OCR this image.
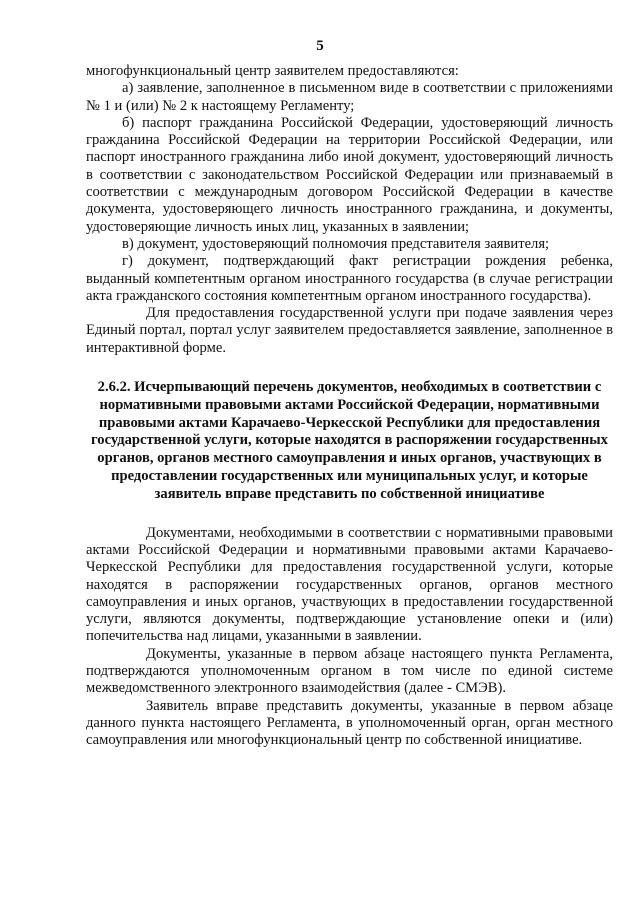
5

многофункциональный центр заявителем предоставляются:

а) заявление, заполненное в письменном виде в соответствии с приложениями № 1 и (или) № 2 к настоящему Регламенту;

б) паспорт гражданина Российской Федерации, удостоверяющий личность гражданина Российской Федерации на территории Российской Федерации, или паспорт иностранного гражданина либо иной документ, удостоверяющий личность в соответствии с законодательством Российской Федерации или признаваемый в соответствии с международным договором Российской Федерации в качестве документа, удостоверяющего личность иностранного гражданина, и документы, удостоверяющие личность иных лиц, указанных в заявлении;

в) документ, удостоверяющий полномочия представителя заявителя;

г) документ, подтверждающий факт регистрации рождения ребенка, выданный компетентным органом иностранного государства (в случае регистрации акта гражданского состояния компетентным органом иностранного государства).

Для предоставления государственной услуги при подаче заявления через Единый портал, портал услуг заявителем предоставляется заявление, заполненное в интерактивной форме.

2.6.2. Исчерпывающий перечень документов, необходимых в соответствии с нормативными правовыми актами Российской Федерации, нормативными правовыми актами Карачаево-Черкесской Республики для предоставления государственной услуги, которые находятся в распоряжении государственных органов, органов местного самоуправления и иных органов, участвующих в предоставлении государственных или муниципальных услуг, и которые заявитель вправе представить по собственной инициативе

Документами, необходимыми в соответствии с нормативными правовыми актами Российской Федерации и нормативными правовыми актами Карачаево-Черкесской Республики для предоставления государственной услуги, которые находятся в распоряжении государственных органов, органов местного самоуправления и иных органов, участвующих в предоставлении государственной услуги, являются документы, подтверждающие установление опеки и (или) попечительства над лицами, указанными в заявлении.

Документы, указанные в первом абзаце настоящего пункта Регламента, подтверждаются уполномоченным органом в том числе по единой системе межведомственного электронного взаимодействия (далее - СМЭВ).

Заявитель вправе представить документы, указанные в первом абзаце данного пункта настоящего Регламента, в уполномоченный орган, орган местного самоуправления или многофункциональный центр по собственной инициативе.
